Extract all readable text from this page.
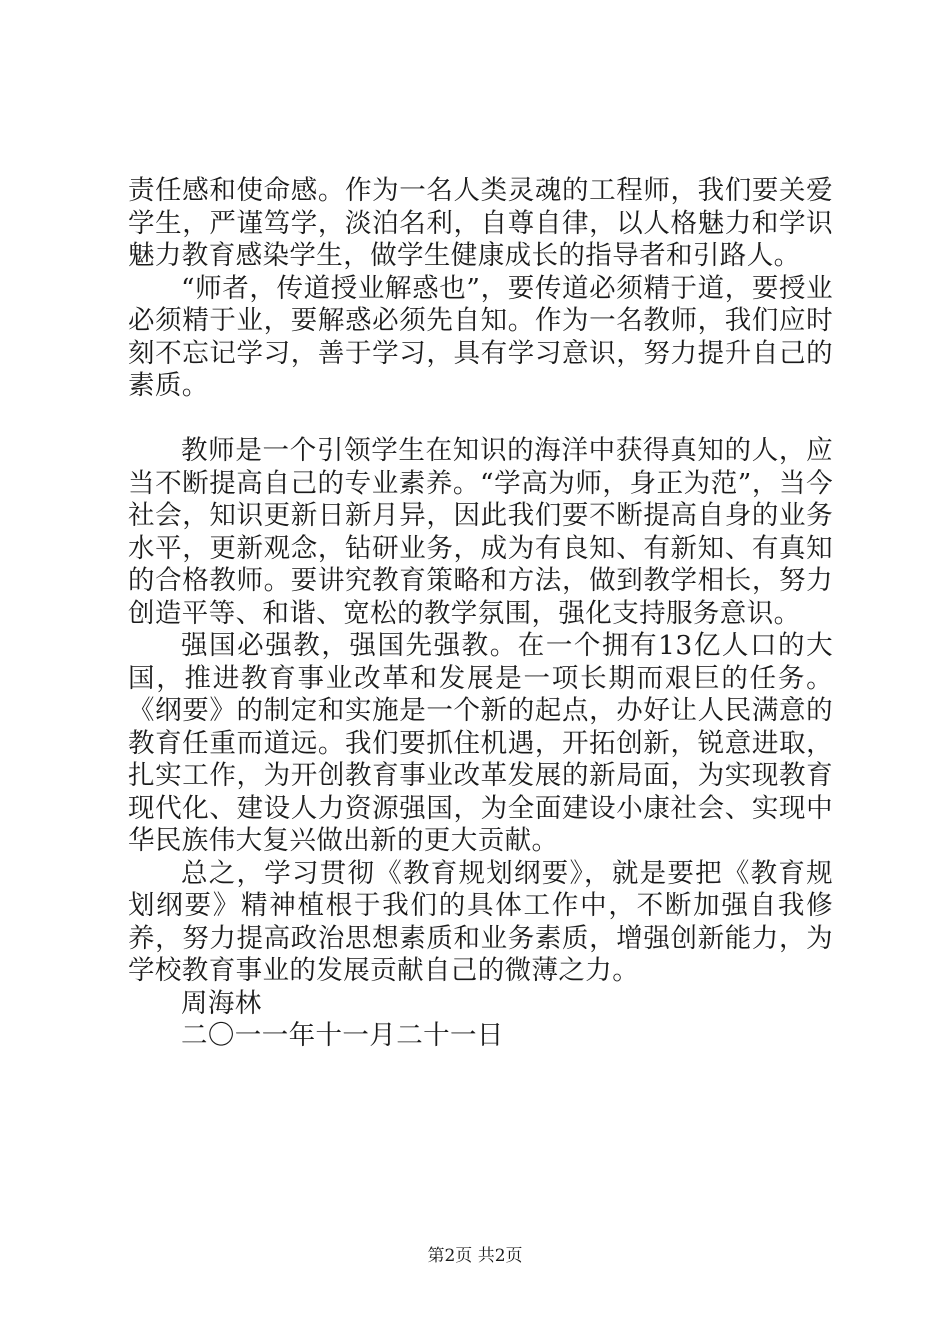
责任感和使命感。作为一名人类灵魂的工程师，我们要关爱学生，严谨笃学，淡泊名利，自尊自律，以人格魅力和学识魅力教育感染学生，做学生健康成长的指导者和引路人。

“师者，传道授业解惑也”，要传道必须精于道，要授业必须精于业，要解惑必须先自知。作为一名教师，我们应时刻不忘记学习，善于学习，具有学习意识，努力提升自己的素质。

教师是一个引领学生在知识的海洋中获得真知的人，应当不断提高自己的专业素养。“学高为师，身正为范”，当今社会，知识更新日新月异，因此我们要不断提高自身的业务水平，更新观念，钻研业务，成为有良知、有新知、有真知的合格教师。要讲究教育策略和方法，做到教学相长，努力创造平等、和谐、宽松的教学氛围，强化支持服务意识。

强国必强教，强国先强教。在一个拥有13亿人口的大国，推进教育事业改革和发展是一项长期而艰巨的任务。《纲要》的制定和实施是一个新的起点，办好让人民满意的教育任重而道远。我们要抓住机遇，开拓创新，锐意进取，扎实工作，为开创教育事业改革发展的新局面，为实现教育现代化、建设人力资源强国，为全面建设小康社会、实现中华民族伟大复兴做出新的更大贡献。

总之，学习贯彻《教育规划纲要》，就是要把《教育规划纲要》精神植根于我们的具体工作中，不断加强自我修养，努力提高政治思想素质和业务素质，增强创新能力，为学校教育事业的发展贡献自己的微薄之力。

周海林

二〇一一年十一月二十一日

第2页 共2页
